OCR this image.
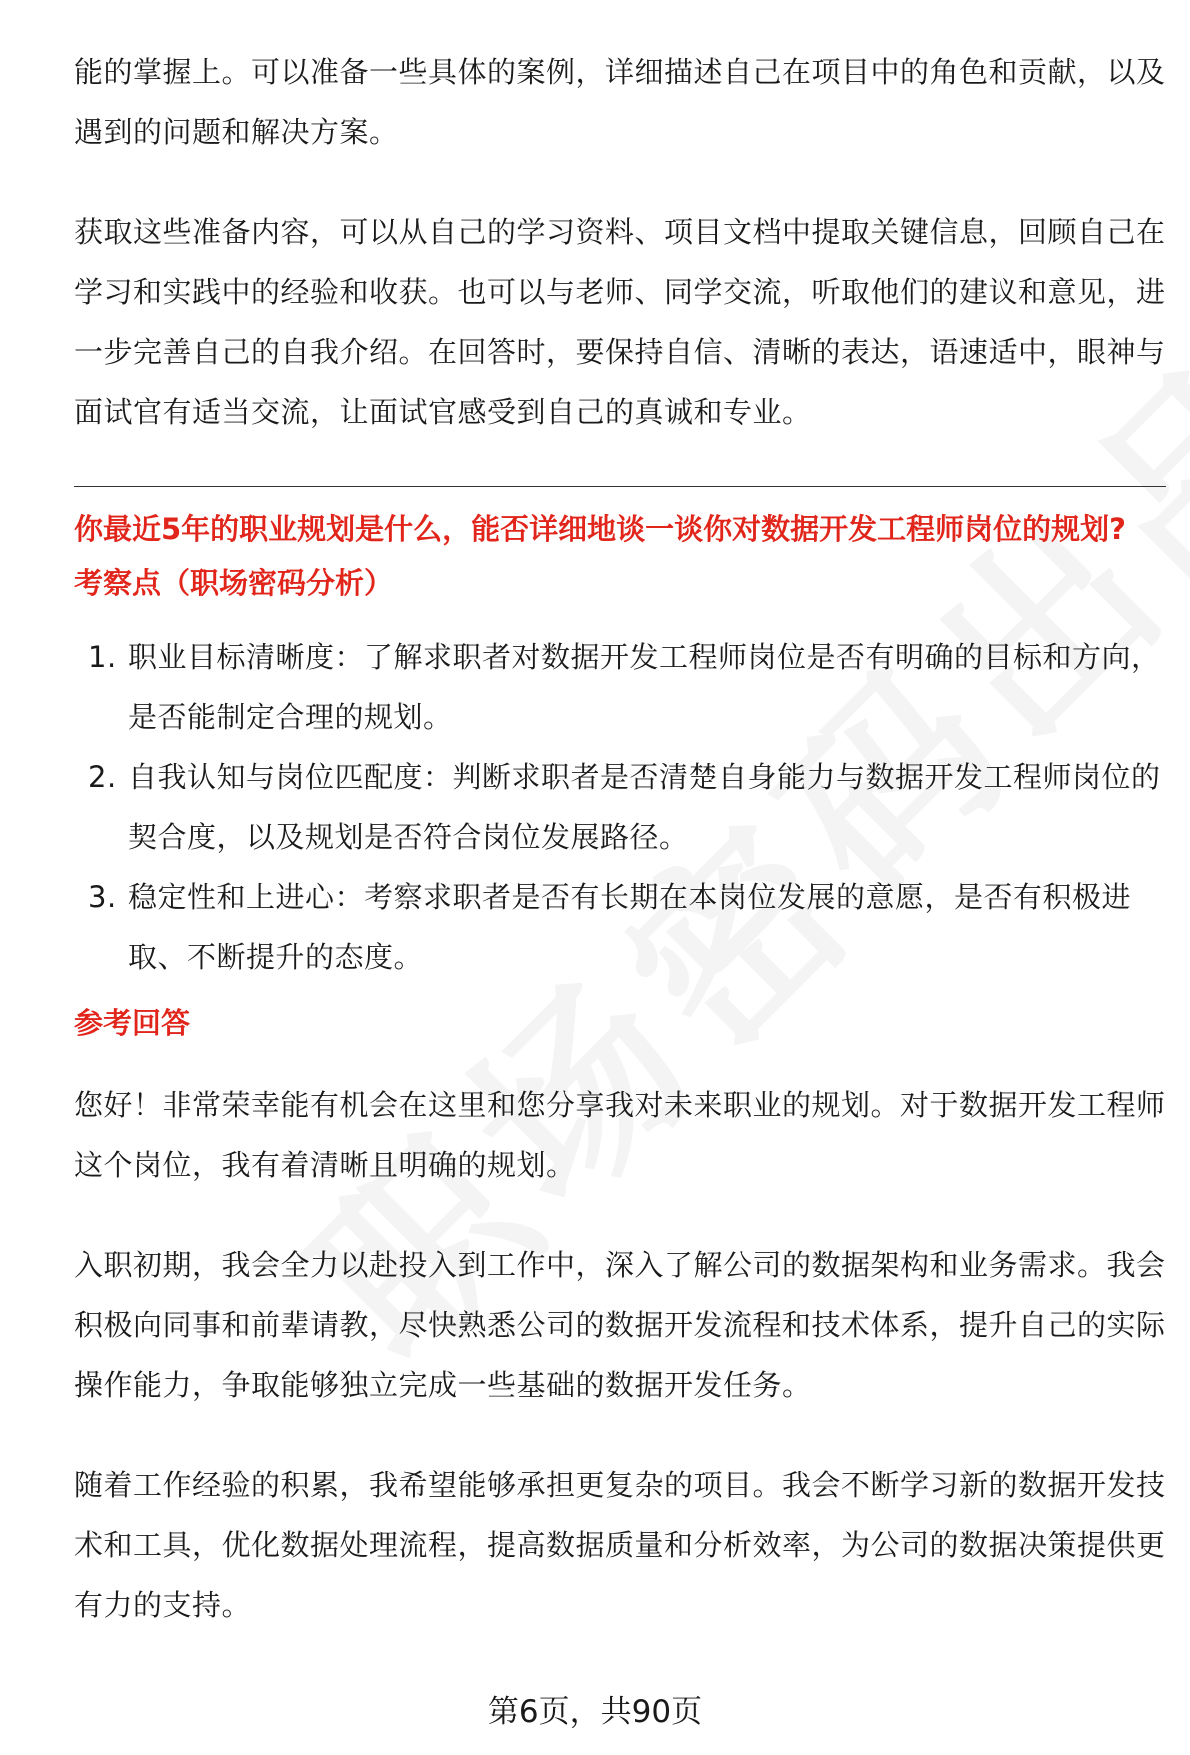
能的掌握上。可以准备一些具体的案例，详细描述自己在项目中的角色和贡献，以及遇到的问题和解决方案。

获取这些准备内容，可以从自己的学习资料、项目文档中提取关键信息，回顾自己在学习和实践中的经验和收获。也可以与老师、同学交流，听取他们的建议和意见，进一步完善自己的自我介绍。在回答时，要保持自信、清晰的表达，语速适中，眼神与面试官有适当交流，让面试官感受到自己的真诚和专业。

你最近5年的职业规划是什么，能否详细地谈一谈你对数据开发工程师岗位的规划?
考察点（职场密码分析）
1. 职业目标清晰度：了解求职者对数据开发工程师岗位是否有明确的目标和方向，是否能制定合理的规划。
2. 自我认知与岗位匹配度：判断求职者是否清楚自身能力与数据开发工程师岗位的契合度，以及规划是否符合岗位发展路径。
3. 稳定性和上进心：考察求职者是否有长期在本岗位发展的意愿，是否有积极进取、不断提升的态度。
参考回答

您好！非常荣幸能有机会在这里和您分享我对未来职业的规划。对于数据开发工程师这个岗位，我有着清晰且明确的规划。

入职初期，我会全力以赴投入到工作中，深入了解公司的数据架构和业务需求。我会积极向同事和前辈请教，尽快熟悉公司的数据开发流程和技术体系，提升自己的实际操作能力，争取能够独立完成一些基础的数据开发任务。

随着工作经验的积累，我希望能够承担更复杂的项目。我会不断学习新的数据开发技术和工具，优化数据处理流程，提高数据质量和分析效率，为公司的数据决策提供更有力的支持。

第6页，共90页
